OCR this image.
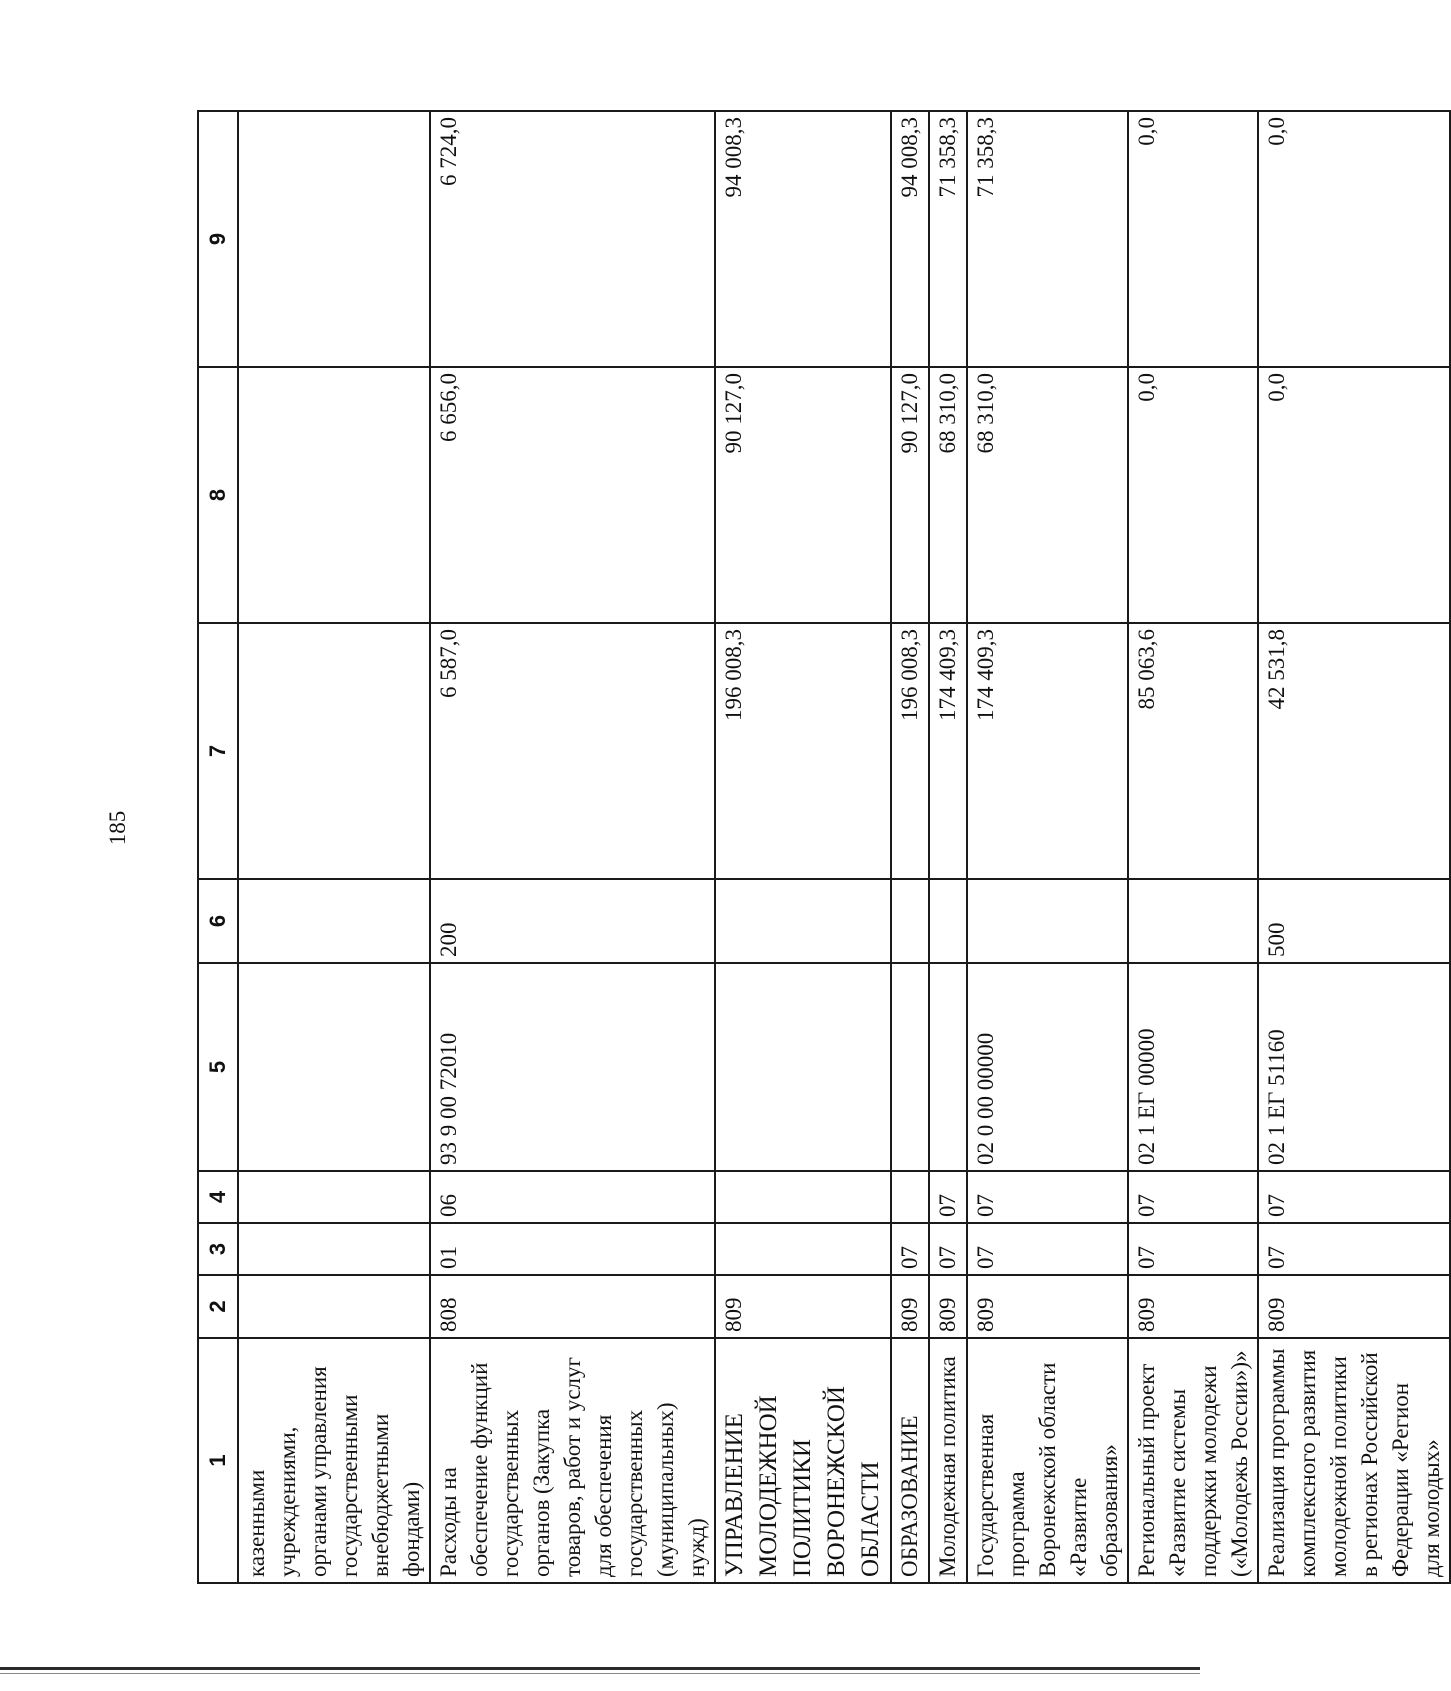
185
1	2	3	4	5	6	7	8	9
казенными учреждениями, органами управления государственными внебюджетными фондами)								
Расходы на обеспечение функций государственных органов (Закупка товаров, работ и услуг для обеспечения государственных (муниципальных) нужд)	808	01	06	93 9 00 72010	200	6 587,0	6 656,0	6 724,0
УПРАВЛЕНИЕ МОЛОДЕЖНОЙ ПОЛИТИКИ ВОРОНЕЖСКОЙ ОБЛАСТИ	809					196 008,3	90 127,0	94 008,3
ОБРАЗОВАНИЕ	809	07				196 008,3	90 127,0	94 008,3
Молодежная политика	809	07	07			174 409,3	68 310,0	71 358,3
Государственная программа Воронежской области «Развитие образования»	809	07	07	02 0 00 00000		174 409,3	68 310,0	71 358,3
Региональный проект «Развитие системы поддержки молодежи («Молодежь России»)»	809	07	07	02 1 ЕГ 00000		85 063,6	0,0	0,0
Реализация программы комплексного развития молодежной политики в регионах Российской Федерации «Регион для молодых»	809	07	07	02 1 ЕГ 51160	500	42 531,8	0,0	0,0
